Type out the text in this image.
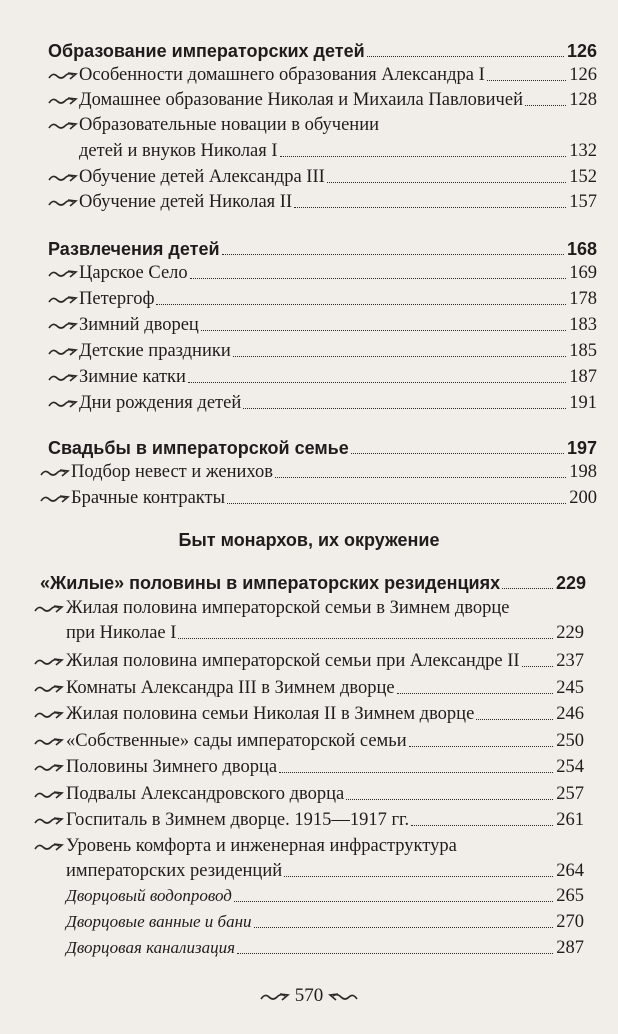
Образование императорских детей	126
Особенности домашнего образования Александра I	126
Домашнее образование Николая и Михаила Павловичей	128
Образовательные новации в обучении
детей и внуков Николая I	132
Обучение детей Александра III	152
Обучение детей Николая II	157
Развлечения детей	168
Царское Село	169
Петергоф	178
Зимний дворец	183
Детские праздники	185
Зимние катки	187
Дни рождения детей	191
Свадьбы в императорской семье	197
Подбор невест и женихов	198
Брачные контракты	200
Быт монархов, их окружение
«Жилые» половины в императорских резиденциях	229
Жилая половина императорской семьи в Зимнем дворце
при Николае I	229
Жилая половина императорской семьи при Александре II 237
Комнаты Александра III в Зимнем дворце	245
Жилая половина семьи Николая II в Зимнем дворце	246
«Собственные» сады императорской семьи	250
Половины Зимнего дворца	254
Подвалы Александровского дворца	257
Госпиталь в Зимнем дворце. 1915—1917 гг.	261
Уровень комфорта и инженерная инфраструктура
императорских резиденций	264
Дворцовый водопровод	265
Дворцовые ванные и бани	270
Дворцовая канализация	287
570
